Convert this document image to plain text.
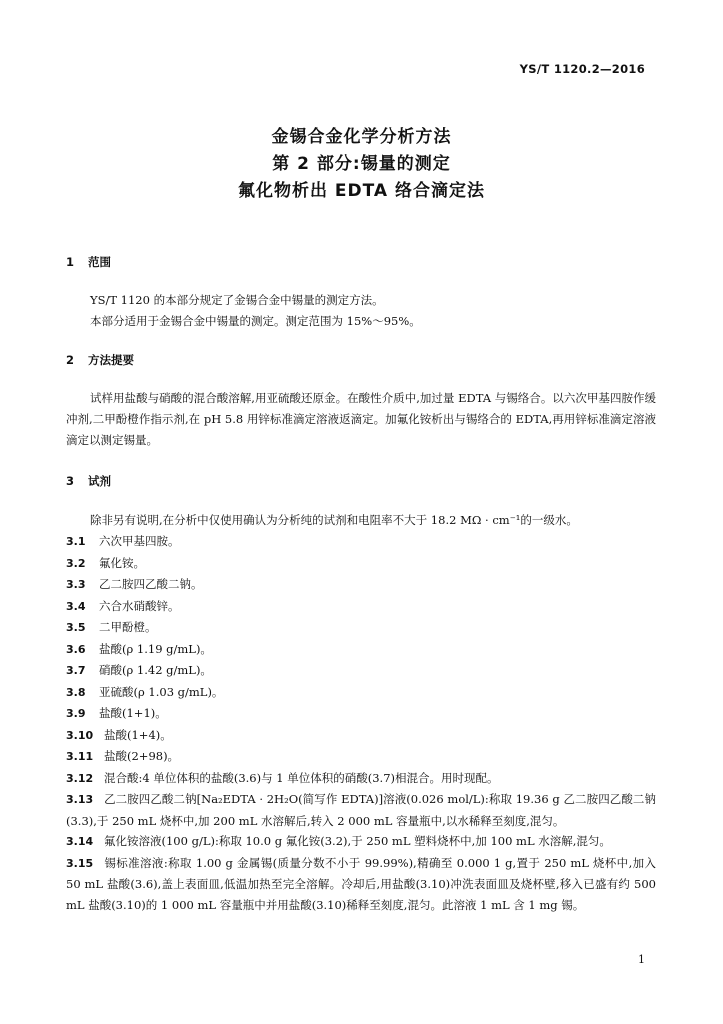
YS/T 1120.2—2016
金锡合金化学分析方法
第 2 部分:锡量的测定
氟化物析出 EDTA 络合滴定法
1 范围

YS/T 1120 的本部分规定了金锡合金中锡量的测定方法。

本部分适用于金锡合金中锡量的测定。测定范围为 15%～95%。

2 方法提要

试样用盐酸与硝酸的混合酸溶解,用亚硫酸还原金。在酸性介质中,加过量 EDTA 与锡络合。以六次甲基四胺作缓冲剂,二甲酚橙作指示剂,在 pH 5.8 用锌标准滴定溶液返滴定。加氟化铵析出与锡络合的 EDTA,再用锌标准滴定溶液滴定以测定锡量。

3 试剂

除非另有说明,在分析中仅使用确认为分析纯的试剂和电阻率不大于 18.2 MΩ · cm⁻¹的一级水。

3.1 六次甲基四胺。
3.2 氟化铵。
3.3 乙二胺四乙酸二钠。
3.4 六合水硝酸锌。
3.5 二甲酚橙。
3.6 盐酸(ρ 1.19 g/mL)。
3.7 硝酸(ρ 1.42 g/mL)。
3.8 亚硫酸(ρ 1.03 g/mL)。
3.9 盐酸(1+1)。
3.10 盐酸(1+4)。
3.11 盐酸(2+98)。
3.12 混合酸:4 单位体积的盐酸(3.6)与 1 单位体积的硝酸(3.7)相混合。用时现配。
3.13 乙二胺四乙酸二钠[Na₂EDTA · 2H₂O(简写作 EDTA)]溶液(0.026 mol/L):称取 19.36 g 乙二胺四乙酸二钠(3.3),于 250 mL 烧杯中,加 200 mL 水溶解后,转入 2 000 mL 容量瓶中,以水稀释至刻度,混匀。
3.14 氟化铵溶液(100 g/L):称取 10.0 g 氟化铵(3.2),于 250 mL 塑料烧杯中,加 100 mL 水溶解,混匀。
3.15 锡标准溶液:称取 1.00 g 金属锡(质量分数不小于 99.99%),精确至 0.000 1 g,置于 250 mL 烧杯中,加入 50 mL 盐酸(3.6),盖上表面皿,低温加热至完全溶解。冷却后,用盐酸(3.10)冲洗表面皿及烧杯壁,移入已盛有约 500 mL 盐酸(3.10)的 1 000 mL 容量瓶中并用盐酸(3.10)稀释至刻度,混匀。此溶液 1 mL 含 1 mg 锡。
1
